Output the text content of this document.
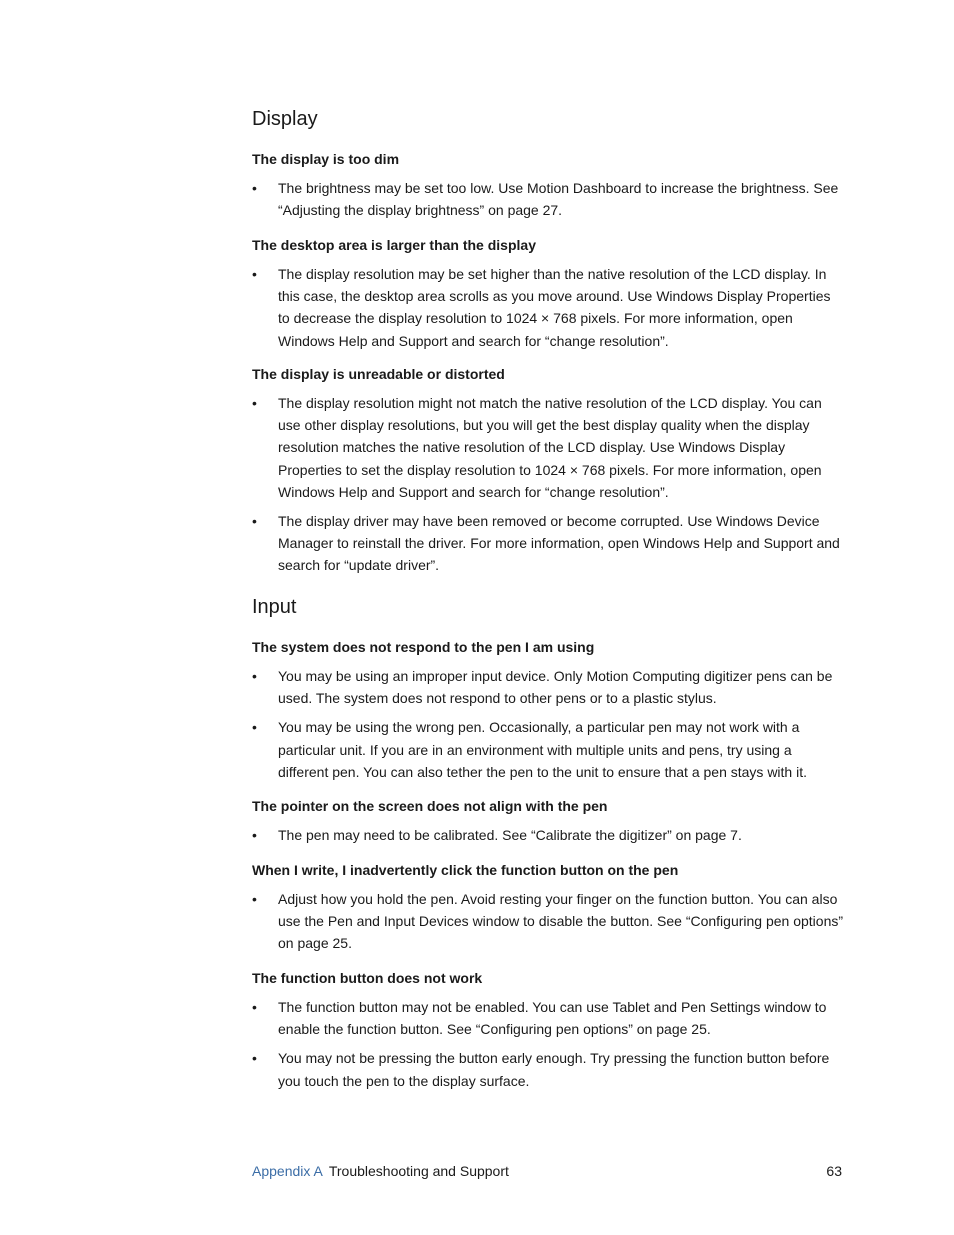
Display
The display is too dim
• The brightness may be set too low. Use Motion Dashboard to increase the brightness. See “Adjusting the display brightness” on page 27.
The desktop area is larger than the display
• The display resolution may be set higher than the native resolution of the LCD display. In this case, the desktop area scrolls as you move around. Use Windows Display Properties to decrease the display resolution to 1024 × 768 pixels. For more information, open Windows Help and Support and search for “change resolution”.
The display is unreadable or distorted
• The display resolution might not match the native resolution of the LCD display. You can use other display resolutions, but you will get the best display quality when the display resolution matches the native resolution of the LCD display. Use Windows Display Properties to set the display resolution to 1024 × 768 pixels. For more information, open Windows Help and Support and search for “change resolution”.
• The display driver may have been removed or become corrupted. Use Windows Device Manager to reinstall the driver. For more information, open Windows Help and Support and search for “update driver”.
Input
The system does not respond to the pen I am using
• You may be using an improper input device. Only Motion Computing digitizer pens can be used. The system does not respond to other pens or to a plastic stylus.
• You may be using the wrong pen. Occasionally, a particular pen may not work with a particular unit. If you are in an environment with multiple units and pens, try using a different pen. You can also tether the pen to the unit to ensure that a pen stays with it.
The pointer on the screen does not align with the pen
• The pen may need to be calibrated. See “Calibrate the digitizer” on page 7.
When I write, I inadvertently click the function button on the pen
• Adjust how you hold the pen. Avoid resting your finger on the function button. You can also use the Pen and Input Devices window to disable the button. See “Configuring pen options” on page 25.
The function button does not work
• The function button may not be enabled. You can use Tablet and Pen Settings window to enable the function button. See “Configuring pen options” on page 25.
• You may not be pressing the button early enough. Try pressing the function button before you touch the pen to the display surface.
Appendix A Troubleshooting and Support	63
